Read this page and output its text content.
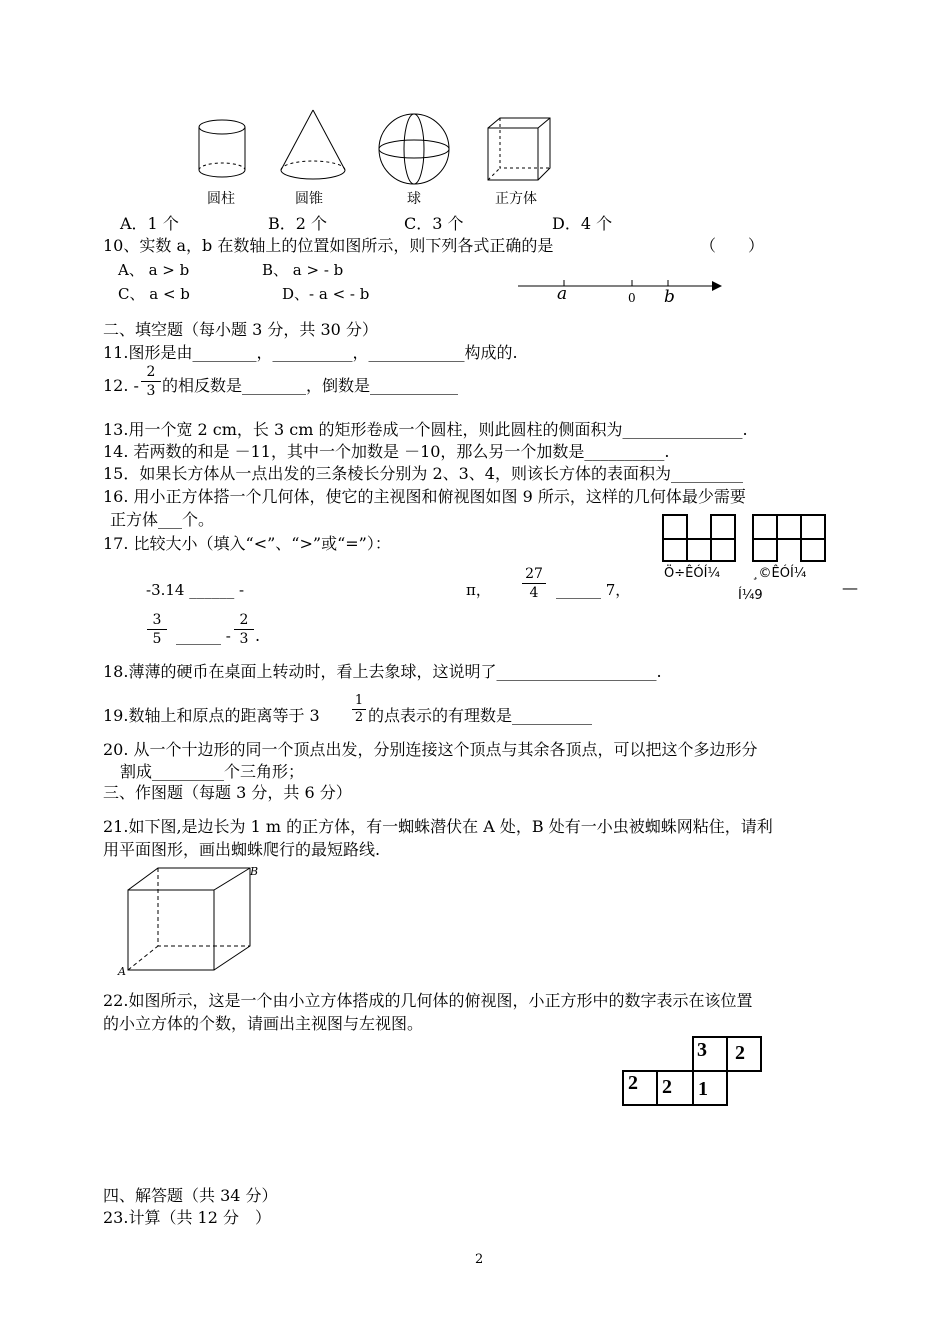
圆柱	圆锥	球	正方体
A．1 个	B．2 个	C．3 个	D．4 个
10、实数 a，b 在数轴上的位置如图所示，则下列各式正确的是	（　　）
A、 a > b	B、 a > - b
C、 a < b	D、- a < - b	a	0 b
二、填空题（每小题 3 分，共 30 分）
11.图形是由________，__________，____________构成的.
12. -
2
3 的相反数是________，倒数是___________
13.用一个宽 2 cm，长 3 cm 的矩形卷成一个圆柱，则此圆柱的侧面积为_______________.
14. 若两数的和是 －11，其中一个加数是 －10，那么另一个加数是__________.
15．如果长方体从一点出发的三条棱长分别为 2、3、4，则该长方体的表面积为_________
16. 用小正方体搭一个几何体，使它的主视图和俯视图如图 9 所示，这样的几何体最少需要
正方体___个。
Ö÷ÊÓÍ¼ ¸©ÊÓÍ¼
Í¼9
17. 比较大小（填入“<”、“>”或“=”）：
-3.14 ______ -	π，
27
4	______ 7，	—
3
5 ______ -
2
3 .
18.薄薄的硬币在桌面上转动时，看上去象球，这说明了____________________.
19.数轴上和原点的距离等于 3
1
2 的点表示的有理数是__________
20. 从一个十边形的同一个顶点出发，分别连接这个顶点与其余各顶点，可以把这个多边形分
割成_________个三角形；
三、作图题（每题 3 分，共 6 分）
21.如下图,是边长为 1 m 的正方体，有一蜘蛛潜伏在 A 处，B 处有一小虫被蜘蛛网粘住，请利
用平面图形，画出蜘蛛爬行的最短路线.
A
B
22.如图所示，这是一个由小立方体搭成的几何体的俯视图，小正方形中的数字表示在该位置
的小立方体的个数，请画出主视图与左视图。
3 2
2 2 1
四、解答题（共 34 分）
23.计算（共 12 分　）
2
